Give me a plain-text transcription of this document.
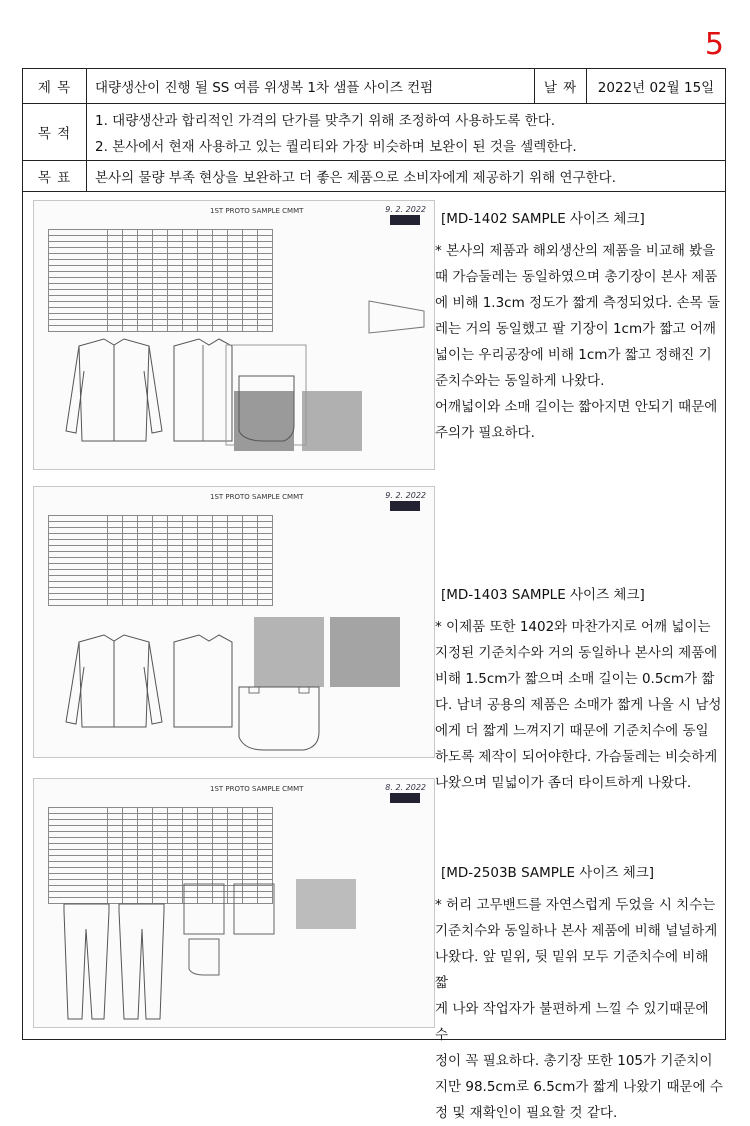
5
제 목	대량생산이 진행 될 SS 여름 위생복 1차 샘플 사이즈 컨펌	날 짜	2022년 02월 15일
목 적
1. 대량생산과 합리적인 가격의 단가를 맞추기 위해 조정하여 사용하도록 한다.
2. 본사에서 현재 사용하고 있는 퀄리티와 가장 비슷하며 보완이 된 것을 셀렉한다.
목 표	본사의 물량 부족 현상을 보완하고 더 좋은 제품으로 소비자에게 제공하기 위해 연구한다.
1ST PROTO SAMPLE CMMT	9. 2. 2022

[MD-1402 SAMPLE 사이즈 체크]

* 본사의 제품과 해외생산의 제품을 비교해 봤을

때 가슴둘레는 동일하였으며 총기장이 본사 제품

에 비해 1.3cm 정도가 짧게 측정되었다. 손목 둘

레는 거의 동일했고 팔 기장이 1cm가 짧고 어깨

넓이는 우리공장에 비해 1cm가 짧고 정해진 기

준치수와는 동일하게 나왔다.

어깨넓이와 소매 길이는 짧아지면 안되기 때문에

주의가 필요하다.

1ST PROTO SAMPLE CMMT	9. 2. 2022

[MD-1403 SAMPLE 사이즈 체크]

* 이제품 또한 1402와 마찬가지로 어깨 넓이는

지정된 기준치수와 거의 동일하나 본사의 제품에

비해 1.5cm가 짧으며 소매 길이는 0.5cm가 짧

다. 남녀 공용의 제품은 소매가 짧게 나올 시 남성

에게 더 짧게 느껴지기 때문에 기준치수에 동일

하도록 제작이 되어야한다. 가슴둘레는 비슷하게

나왔으며 밑넓이가 좀더 타이트하게 나왔다.

1ST PROTO SAMPLE CMMT	8. 2. 2022

[MD-2503B SAMPLE 사이즈 체크]

* 허리 고무밴드를 자연스럽게 두었을 시 치수는

기준치수와 동일하나 본사 제품에 비해 널널하게

나왔다. 앞 밑위, 뒷 밑위 모두 기준치수에 비해 짧

게 나와 작업자가 불편하게 느낄 수 있기때문에 수

정이 꼭 필요하다. 총기장 또한 105가 기준치이

지만 98.5cm로 6.5cm가 짧게 나왔기 때문에 수

정 및 재확인이 필요할 것 같다.
